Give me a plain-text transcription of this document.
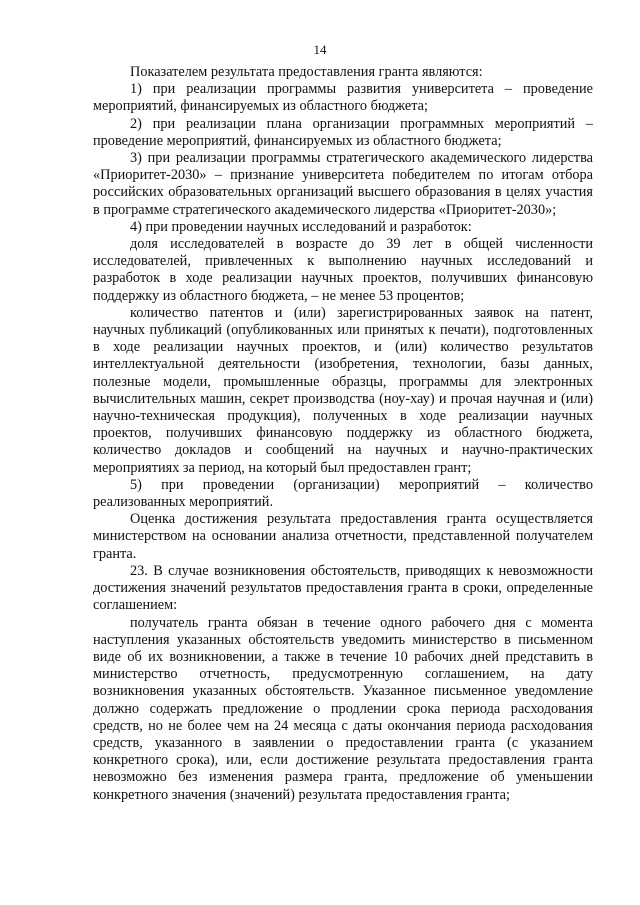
14

Показателем результата предоставления гранта являются:

1) при реализации программы развития университета – проведение мероприятий, финансируемых из областного бюджета;

2) при реализации плана организации программных мероприятий – проведение мероприятий, финансируемых из областного бюджета;

3) при реализации программы стратегического академического лидерства «Приоритет-2030» – признание университета победителем по итогам отбора российских образовательных организаций высшего образования в целях участия в программе стратегического академического лидерства «Приоритет-2030»;

4) при проведении научных исследований и разработок:

доля исследователей в возрасте до 39 лет в общей численности исследователей, привлеченных к выполнению научных исследований и разработок в ходе реализации научных проектов, получивших финансовую поддержку из областного бюджета, – не менее 53 процентов;

количество патентов и (или) зарегистрированных заявок на патент, научных публикаций (опубликованных или принятых к печати), подготовленных в ходе реализации научных проектов, и (или) количество результатов интеллектуальной деятельности (изобретения, технологии, базы данных, полезные модели, промышленные образцы, программы для электронных вычислительных машин, секрет производства (ноу-хау) и прочая научная и (или) научно-техническая продукция), полученных в ходе реализации научных проектов, получивших финансовую поддержку из областного бюджета, количество докладов и сообщений на научных и научно-практических мероприятиях за период, на который был предоставлен грант;

5) при проведении (организации) мероприятий – количество реализованных мероприятий.

Оценка достижения результата предоставления гранта осуществляется министерством на основании анализа отчетности, представленной получателем гранта.

23. В случае возникновения обстоятельств, приводящих к невозможности достижения значений результатов предоставления гранта в сроки, определенные соглашением:

получатель гранта обязан в течение одного рабочего дня с момента наступления указанных обстоятельств уведомить министерство в письменном виде об их возникновении, а также в течение 10 рабочих дней представить в министерство отчетность, предусмотренную соглашением, на дату возникновения указанных обстоятельств. Указанное письменное уведомление должно содержать предложение о продлении срока периода расходования средств, но не более чем на 24 месяца с даты окончания периода расходования средств, указанного в заявлении о предоставлении гранта (с указанием конкретного срока), или, если достижение результата предоставления гранта невозможно без изменения размера гранта, предложение об уменьшении конкретного значения (значений) результата предоставления гранта;
